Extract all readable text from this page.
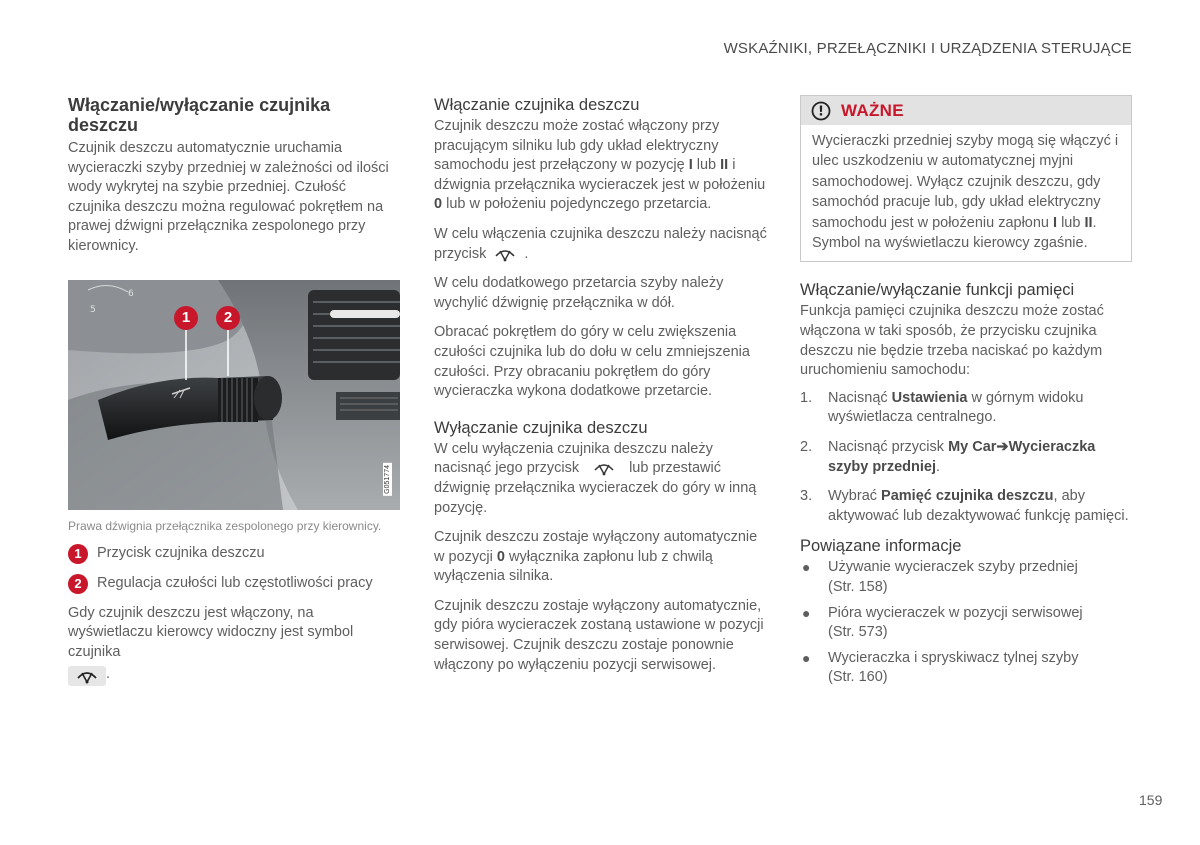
WSKAŹNIKI, PRZEŁĄCZNIKI I URZĄDZENIA STERUJĄCE
Włączanie/wyłączanie czujnika deszczu

Czujnik deszczu automatycznie uruchamia wycieraczki szyby przedniej w zależności od ilości wody wykrytej na szybie przedniej. Czułość czujnika deszczu można regulować pokrętłem na prawej dźwigni przełącznika zespolonego przy kierownicy.

5
6
1	2
G051774
Prawa dźwignia przełącznika zespolonego przy kierownicy.
1	Przycisk czujnika deszczu

2	Regulacja czułości lub częstotliwości pracy

Gdy czujnik deszczu jest włączony, na wyświetlaczu kierowcy widoczny jest symbol czujnika

.

Włączanie czujnika deszczu

Czujnik deszczu może zostać włączony przy pracującym silniku lub gdy układ elektryczny samochodu jest przełączony w pozycję I lub II i dźwignia przełącznika wycieraczek jest w położeniu 0 lub w położeniu pojedynczego przetarcia.

W celu włączenia czujnika deszczu należy nacisnąć przycisk	.

W celu dodatkowego przetarcia szyby należy wychylić dźwignię przełącznika w dół.

Obracać pokrętłem do góry w celu zwiększenia czułości czujnika lub do dołu w celu zmniejszenia czułości. Przy obracaniu pokrętłem do góry wycieraczka wykona dodatkowe przetarcie.

Wyłączanie czujnika deszczu

W celu wyłączenia czujnika deszczu należy nacisnąć jego przycisk	lub przestawić dźwignię przełącznika wycieraczek do góry w inną pozycję.

Czujnik deszczu zostaje wyłączony automatycznie w pozycji 0 wyłącznika zapłonu lub z chwilą wyłączenia silnika.

Czujnik deszczu zostaje wyłączony automatycznie, gdy pióra wycieraczek zostaną ustawione w pozycji serwisowej. Czujnik deszczu zostaje ponownie włączony po wyłączeniu pozycji serwisowej.

! WAŻNE

Wycieraczki przedniej szyby mogą się włączyć i ulec uszkodzeniu w automatycznej myjni samochodowej. Wyłącz czujnik deszczu, gdy samochód pracuje lub, gdy układ elektryczny samochodu jest w położeniu zapłonu I lub II. Symbol na wyświetlaczu kierowcy zgaśnie.

Włączanie/wyłączanie funkcji pamięci

Funkcja pamięci czujnika deszczu może zostać włączona w taki sposób, że przycisku czujnika deszczu nie będzie trzeba naciskać po każdym uruchomieniu samochodu:

1.	Nacisnąć Ustawienia w górnym widoku wyświetlacza centralnego.
2.	Nacisnąć przycisk My Car➔Wycieraczka szyby przedniej.
3.	Wybrać Pamięć czujnika deszczu, aby aktywować lub dezaktywować funkcję pamięci.
Powiązane informacje
●	Używanie wycieraczek szyby przedniej
(Str. 158)
●	Pióra wycieraczek w pozycji serwisowej
(Str. 573)
●	Wycieraczka i spryskiwacz tylnej szyby
(Str. 160)
159
